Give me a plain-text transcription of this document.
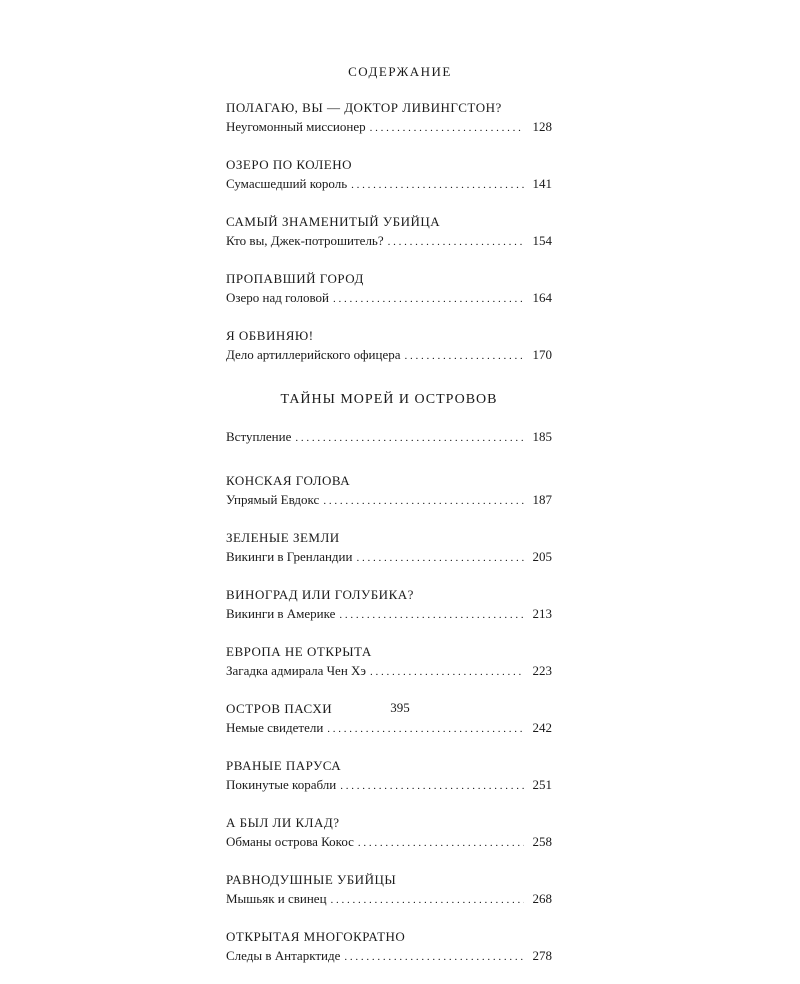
СОДЕРЖАНИЕ
ПОЛАГАЮ, ВЫ — ДОКТОР ЛИВИНГСТОН?
Неугомонный миссионер . . .	128
ОЗЕРО ПО КОЛЕНО
Сумасшедший король . . .	141
САМЫЙ ЗНАМЕНИТЫЙ УБИЙЦА
Кто вы, Джек-потрошитель? . . .	154
ПРОПАВШИЙ ГОРОД
Озеро над головой . . .	164
Я ОБВИНЯЮ!
Дело артиллерийского офицера . . .	170
ТАЙНЫ МОРЕЙ И ОСТРОВОВ
Вступление . . .	185
КОНСКАЯ ГОЛОВА
Упрямый Евдокс . . .	187
ЗЕЛЕНЫЕ ЗЕМЛИ
Викинги в Гренландии . . .	205
ВИНОГРАД ИЛИ ГОЛУБИКА?
Викинги в Америке . . .	213
ЕВРОПА НЕ ОТКРЫТА
Загадка адмирала Чен Хэ . . .	223
ОСТРОВ ПАСХИ
Немые свидетели . . .	242
РВАНЫЕ ПАРУСА
Покинутые корабли . . .	251
А БЫЛ ЛИ КЛАД?
Обманы острова Кокос . . .	258
РАВНОДУШНЫЕ УБИЙЦЫ
Мышьяк и свинец . . .	268
ОТКРЫТАЯ МНОГОКРАТНО
Следы в Антарктиде . . .	278
395
